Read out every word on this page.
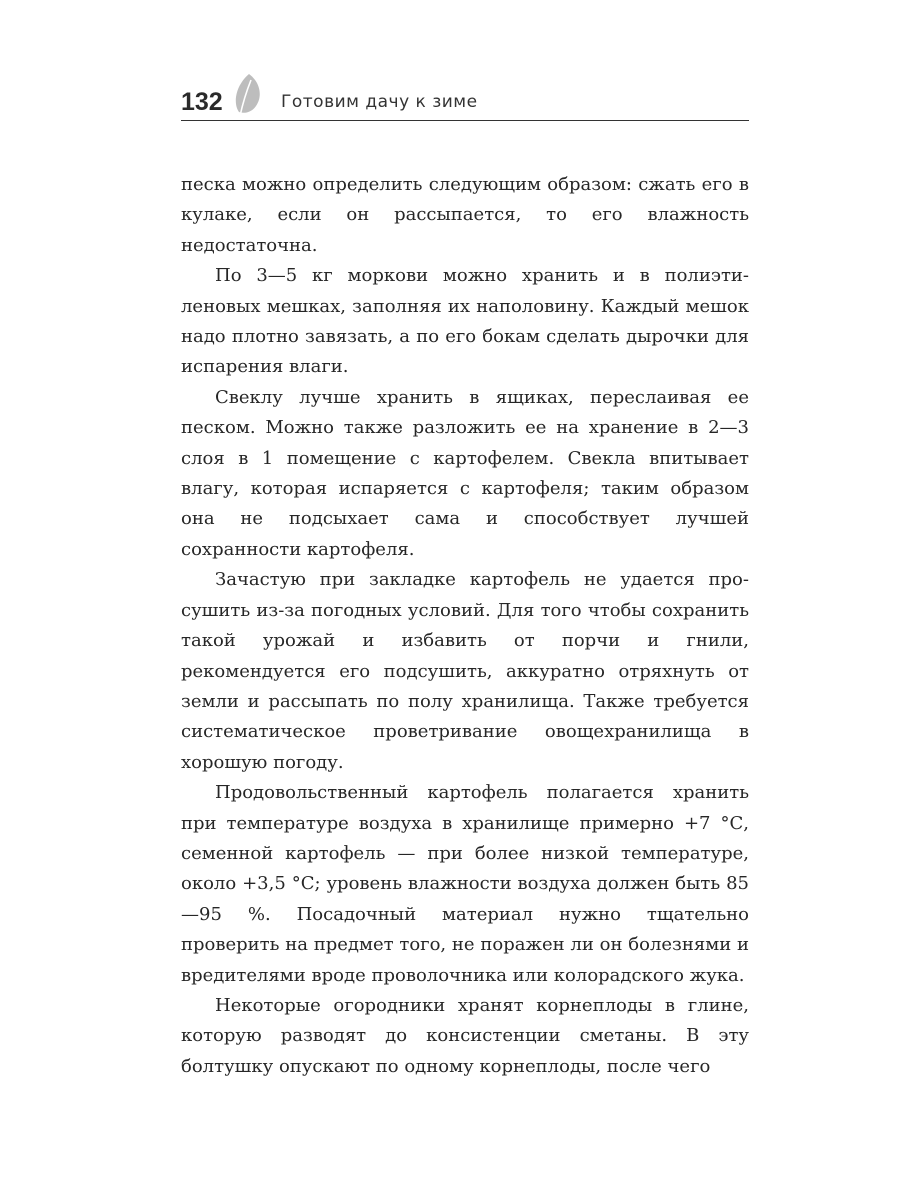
132	Готовим дачу к зиме

песка можно определить следующим образом: сжать его в кулаке, если он рассыпается, то его влажность недостаточна.

По 3—5 кг моркови можно хранить и в полиэтиленовых мешках, заполняя их наполовину. Каждый мешок надо плотно завязать, а по его бокам сделать дырочки для испарения влаги.

Свеклу лучше хранить в ящиках, переслаивая ее песком. Можно также разложить ее на хранение в 2—3 слоя в 1 помещение с картофелем. Свекла впитывает влагу, которая испаряется с картофеля; таким образом она не подсыхает сама и способствует лучшей сохранности картофеля.

Зачастую при закладке картофель не удается просушить из-за погодных условий. Для того чтобы сохранить такой урожай и избавить от порчи и гнили, рекомендуется его подсушить, аккуратно отряхнуть от земли и рассыпать по полу хранилища. Также требуется систематическое проветривание овощехранилища в хорошую погоду.

Продовольственный картофель полагается хранить при температуре воздуха в хранилище примерно +7 °С, семенной картофель — при более низкой температуре, около +3,5 °С; уровень влажности воздуха должен быть 85—95 %. Посадочный материал нужно тщательно проверить на предмет того, не поражен ли он болезнями и вредителями вроде проволочника или колорадского жука.

Некоторые огородники хранят корнеплоды в глине, которую разводят до консистенции сметаны. В эту болтушку опускают по одному корнеплоды, после чего
